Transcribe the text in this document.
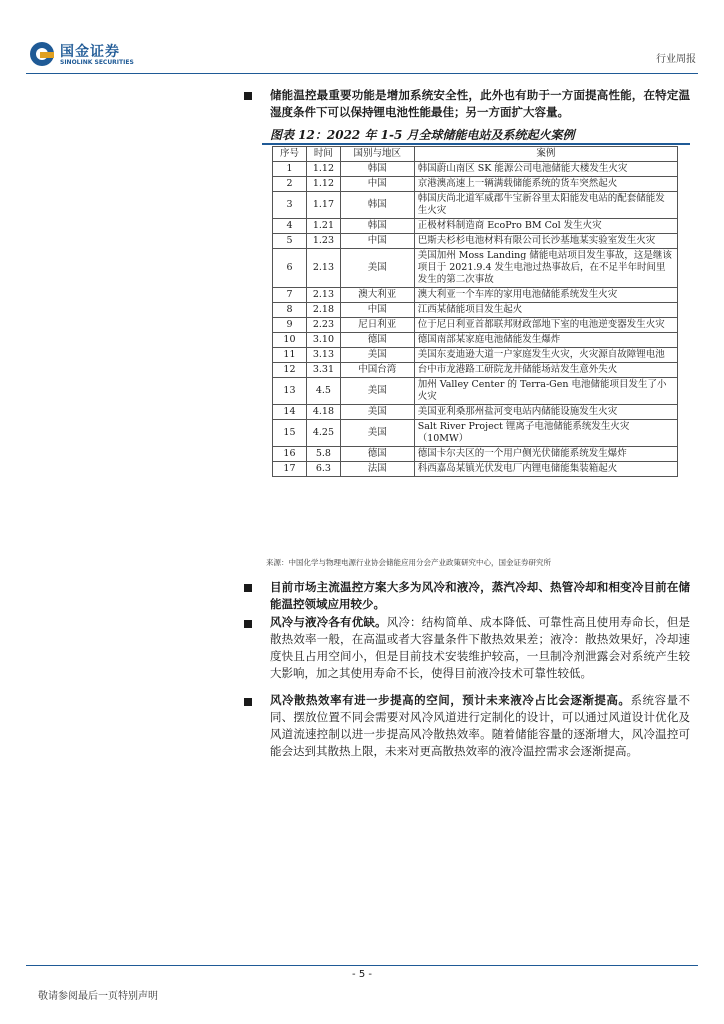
国金证券
SINOLINK SECURITIES	行业周报
储能温控最重要功能是增加系统安全性，此外也有助于一方面提高性能，在特定温湿度条件下可以保持锂电池性能最佳；另一方面扩大容量。
图表 12：2022 年 1-5 月全球储能电站及系统起火案例
序号	时间	国别与地区	案例
1	1.12	韩国	韩国蔚山南区 SK 能源公司电池储能大楼发生火灾
2	1.12	中国	京港澳高速上一辆满载储能系统的货车突然起火
3	1.17	韩国	韩国庆尚北道军威郡牛宝新谷里太阳能发电站的配套储能发生火灾
4	1.21	韩国	正极材料制造商 EcoPro BM Col 发生火灾
5	1.23	中国	巴斯夫杉杉电池材料有限公司长沙基地某实验室发生火灾
6	2.13	美国	美国加州 Moss Landing 储能电站项目发生事故，这是继该项目于 2021.9.4 发生电池过热事故后，在不足半年时间里发生的第二次事故
7	2.13	澳大利亚	澳大利亚一个车库的家用电池储能系统发生火灾
8	2.18	中国	江西某储能项目发生起火
9	2.23	尼日利亚	位于尼日利亚首都联邦财政部地下室的电池逆变器发生火灾
10	3.10	德国	德国南部某家庭电池储能发生爆炸
11	3.13	美国	美国东麦迪逊大道一户家庭发生火灾，火灾源自故障锂电池
12	3.31	中国台湾	台中市龙港路工研院龙井储能场站发生意外失火
13	4.5	美国	加州 Valley Center 的 Terra-Gen 电池储能项目发生了小火灾
14	4.18	美国	美国亚利桑那州盐河变电站内储能设施发生火灾
15	4.25	美国	Salt River Project 锂离子电池储能系统发生火灾（10MW）
16	5.8	德国	德国卡尔夫区的一个用户侧光伏储能系统发生爆炸
17	6.3	法国	科西嘉岛某镇光伏发电厂内锂电储能集装箱起火
来源：中国化学与物理电源行业协会储能应用分会产业政策研究中心，国金证券研究所
目前市场主流温控方案大多为风冷和液冷，蒸汽冷却、热管冷却和相变冷目前在储能温控领域应用较少。
风冷与液冷各有优缺。风冷：结构简单、成本降低、可靠性高且使用寿命长，但是散热效率一般，在高温或者大容量条件下散热效果差；液冷：散热效果好，冷却速度快且占用空间小，但是目前技术安装维护较高，一旦制冷剂泄露会对系统产生较大影响，加之其使用寿命不长，使得目前液冷技术可靠性较低。
风冷散热效率有进一步提高的空间，预计未来液冷占比会逐渐提高。系统容量不同、摆放位置不同会需要对风冷风道进行定制化的设计，可以通过风道设计优化及风道流速控制以进一步提高风冷散热效率。随着储能容量的逐渐增大，风冷温控可能会达到其散热上限，未来对更高散热效率的液冷温控需求会逐渐提高。
- 5 -
敬请参阅最后一页特别声明
